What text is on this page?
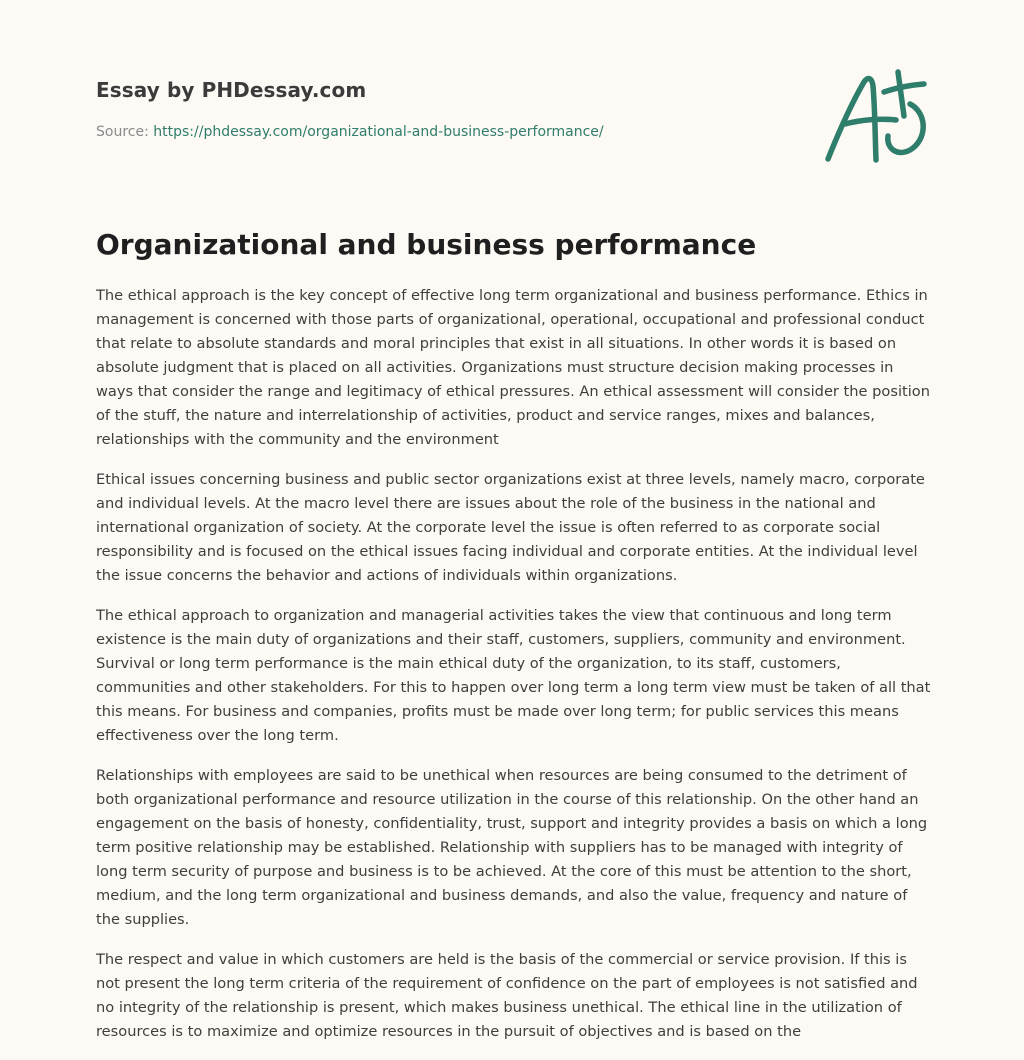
Essay by PHDessay.com
Source: https://phdessay.com/organizational-and-business-performance/
Organizational and business performance

The ethical approach is the key concept of effective long term organizational and business performance. Ethics in management is concerned with those parts of organizational, operational, occupational and professional conduct that relate to absolute standards and moral principles that exist in all situations. In other words it is based on absolute judgment that is placed on all activities. Organizations must structure decision making processes in ways that consider the range and legitimacy of ethical pressures. An ethical assessment will consider the position of the stuff, the nature and interrelationship of activities, product and service ranges, mixes and balances, relationships with the community and the environment

Ethical issues concerning business and public sector organizations exist at three levels, namely macro, corporate and individual levels. At the macro level there are issues about the role of the business in the national and international organization of society. At the corporate level the issue is often referred to as corporate social responsibility and is focused on the ethical issues facing individual and corporate entities. At the individual level the issue concerns the behavior and actions of individuals within organizations.

The ethical approach to organization and managerial activities takes the view that continuous and long term existence is the main duty of organizations and their staff, customers, suppliers, community and environment. Survival or long term performance is the main ethical duty of the organization, to its staff, customers, communities and other stakeholders. For this to happen over long term a long term view must be taken of all that this means. For business and companies, profits must be made over long term; for public services this means effectiveness over the long term.

Relationships with employees are said to be unethical when resources are being consumed to the detriment of both organizational performance and resource utilization in the course of this relationship. On the other hand an engagement on the basis of honesty, confidentiality, trust, support and integrity provides a basis on which a long term positive relationship may be established. Relationship with suppliers has to be managed with integrity of long term security of purpose and business is to be achieved. At the core of this must be attention to the short, medium, and the long term organizational and business demands, and also the value, frequency and nature of the supplies.

The respect and value in which customers are held is the basis of the commercial or service provision. If this is not present the long term criteria of the requirement of confidence on the part of employees is not satisfied and no integrity of the relationship is present, which makes business unethical. The ethical line in the utilization of resources is to maximize and optimize resources in the pursuit of objectives and is based on the
